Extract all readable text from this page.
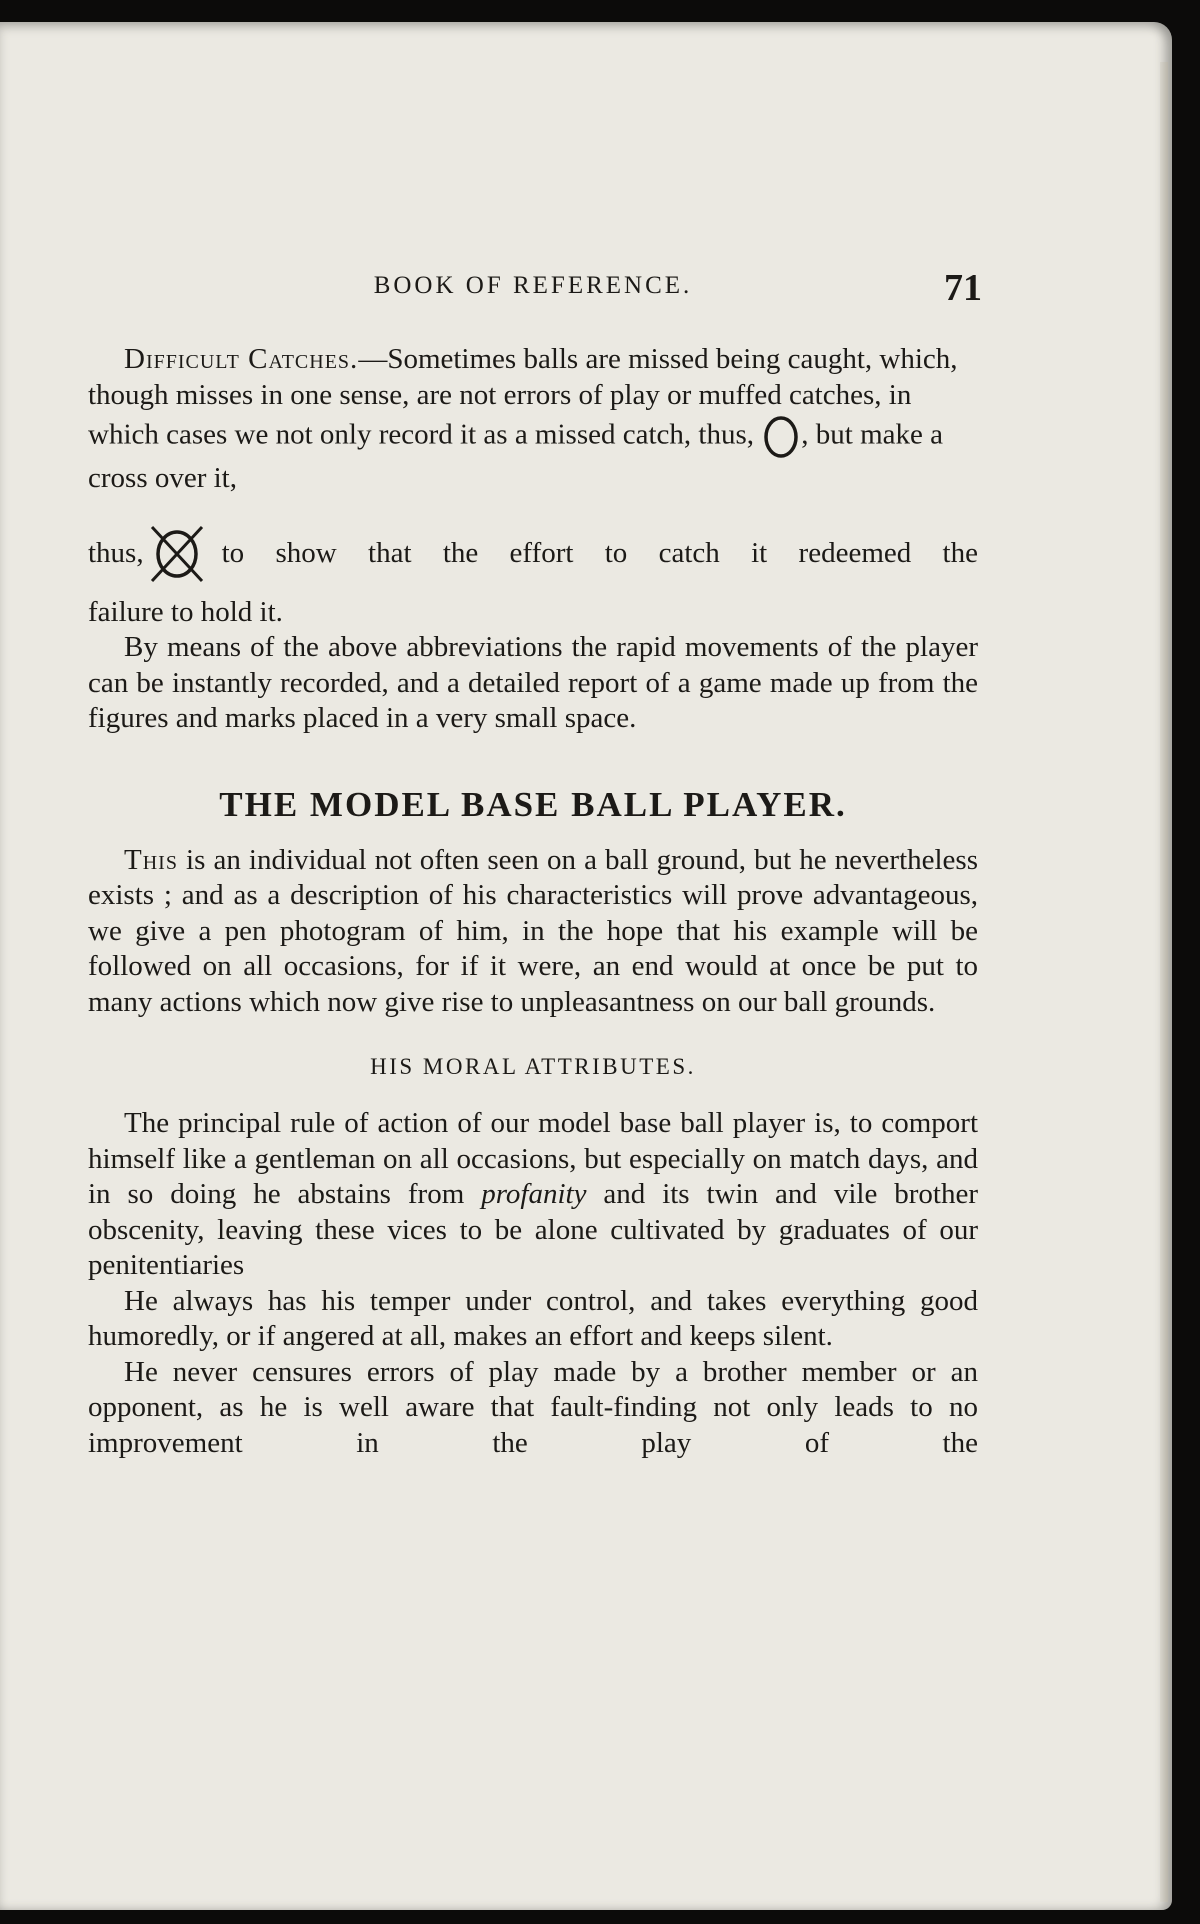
BOOK OF REFERENCE.	71
Difficult Catches.—Sometimes balls are missed being caught, which, though misses in one sense, are not errors of play or muffed catches, in which cases we not only record it as a missed catch, thus, , but make a cross over it,
thus,	to show that the effort to catch it redeemed the

failure to hold it.

By means of the above abbreviations the rapid movements of the player can be instantly recorded, and a detailed report of a game made up from the figures and marks placed in a very small space.

THE MODEL BASE BALL PLAYER.

This is an individual not often seen on a ball ground, but he nevertheless exists ; and as a description of his characteristics will prove advantageous, we give a pen photogram of him, in the hope that his example will be followed on all occasions, for if it were, an end would at once be put to many actions which now give rise to unpleasantness on our ball grounds.

HIS MORAL ATTRIBUTES.

The principal rule of action of our model base ball player is, to comport himself like a gentleman on all occasions, but especially on match days, and in so doing he abstains from profanity and its twin and vile brother obscenity, leaving these vices to be alone cultivated by graduates of our penitentiaries

He always has his temper under control, and takes everything good humoredly, or if angered at all, makes an effort and keeps silent.

He never censures errors of play made by a brother member or an opponent, as he is well aware that fault-finding not only leads to no improvement in the play of the
